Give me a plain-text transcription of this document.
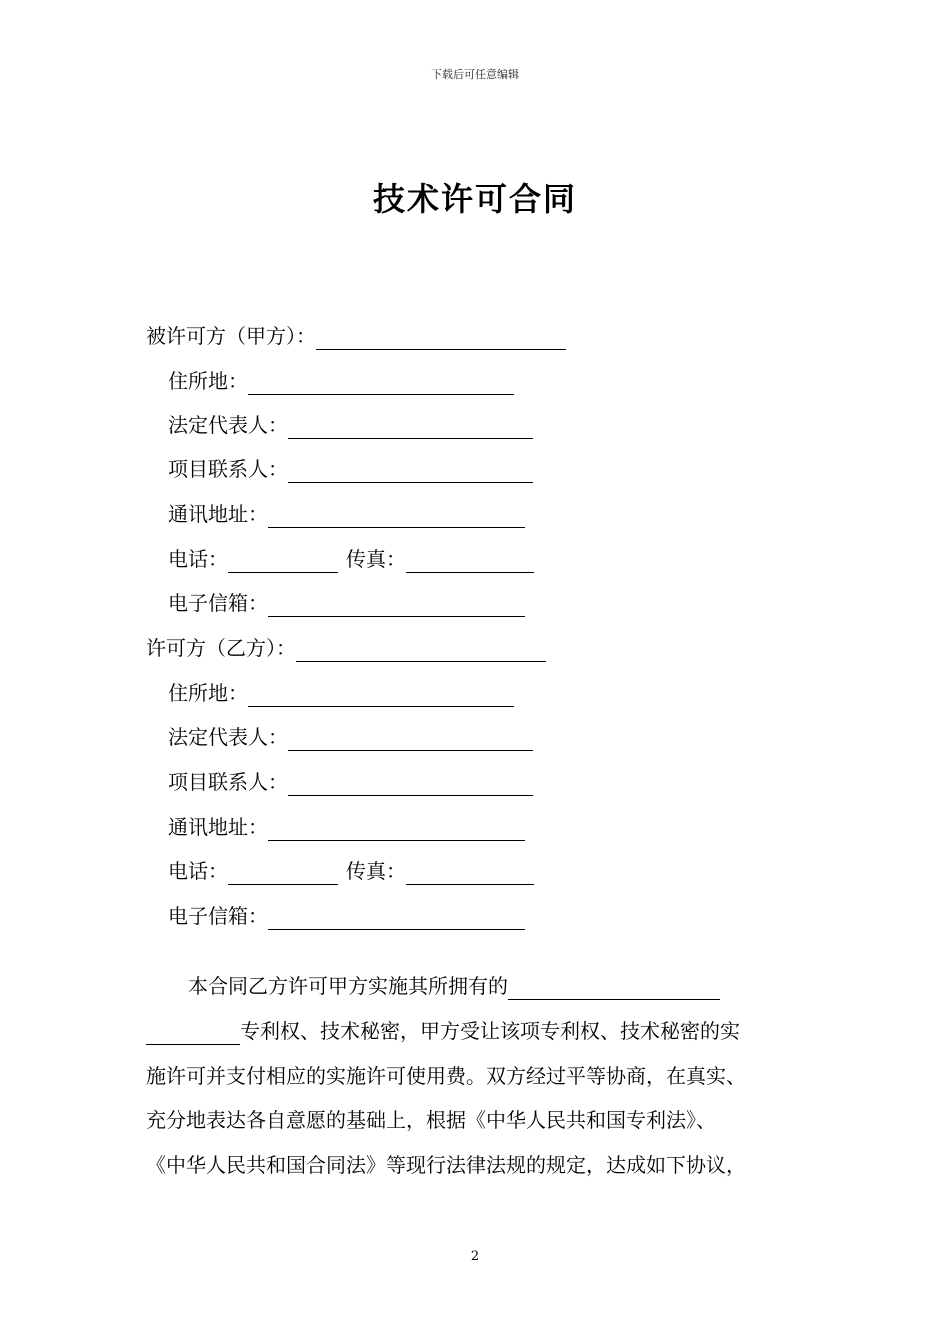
下载后可任意编辑
技术许可合同
被许可方（甲方）：
住所地：
法定代表人：
项目联系人：
通讯地址：
电话：	传真：
电子信箱：
许可方（乙方）：
住所地：
法定代表人：
项目联系人：
通讯地址：
电话：	传真：
电子信箱：
本合同乙方许可甲方实施其所拥有的
专利权、技术秘密，甲方受让该项专利权、技术秘密的实
施许可并支付相应的实施许可使用费。双方经过平等协商，在真实、
充分地表达各自意愿的基础上，根据《中华人民共和国专利法》、
《中华人民共和国合同法》等现行法律法规的规定，达成如下协议，
2
